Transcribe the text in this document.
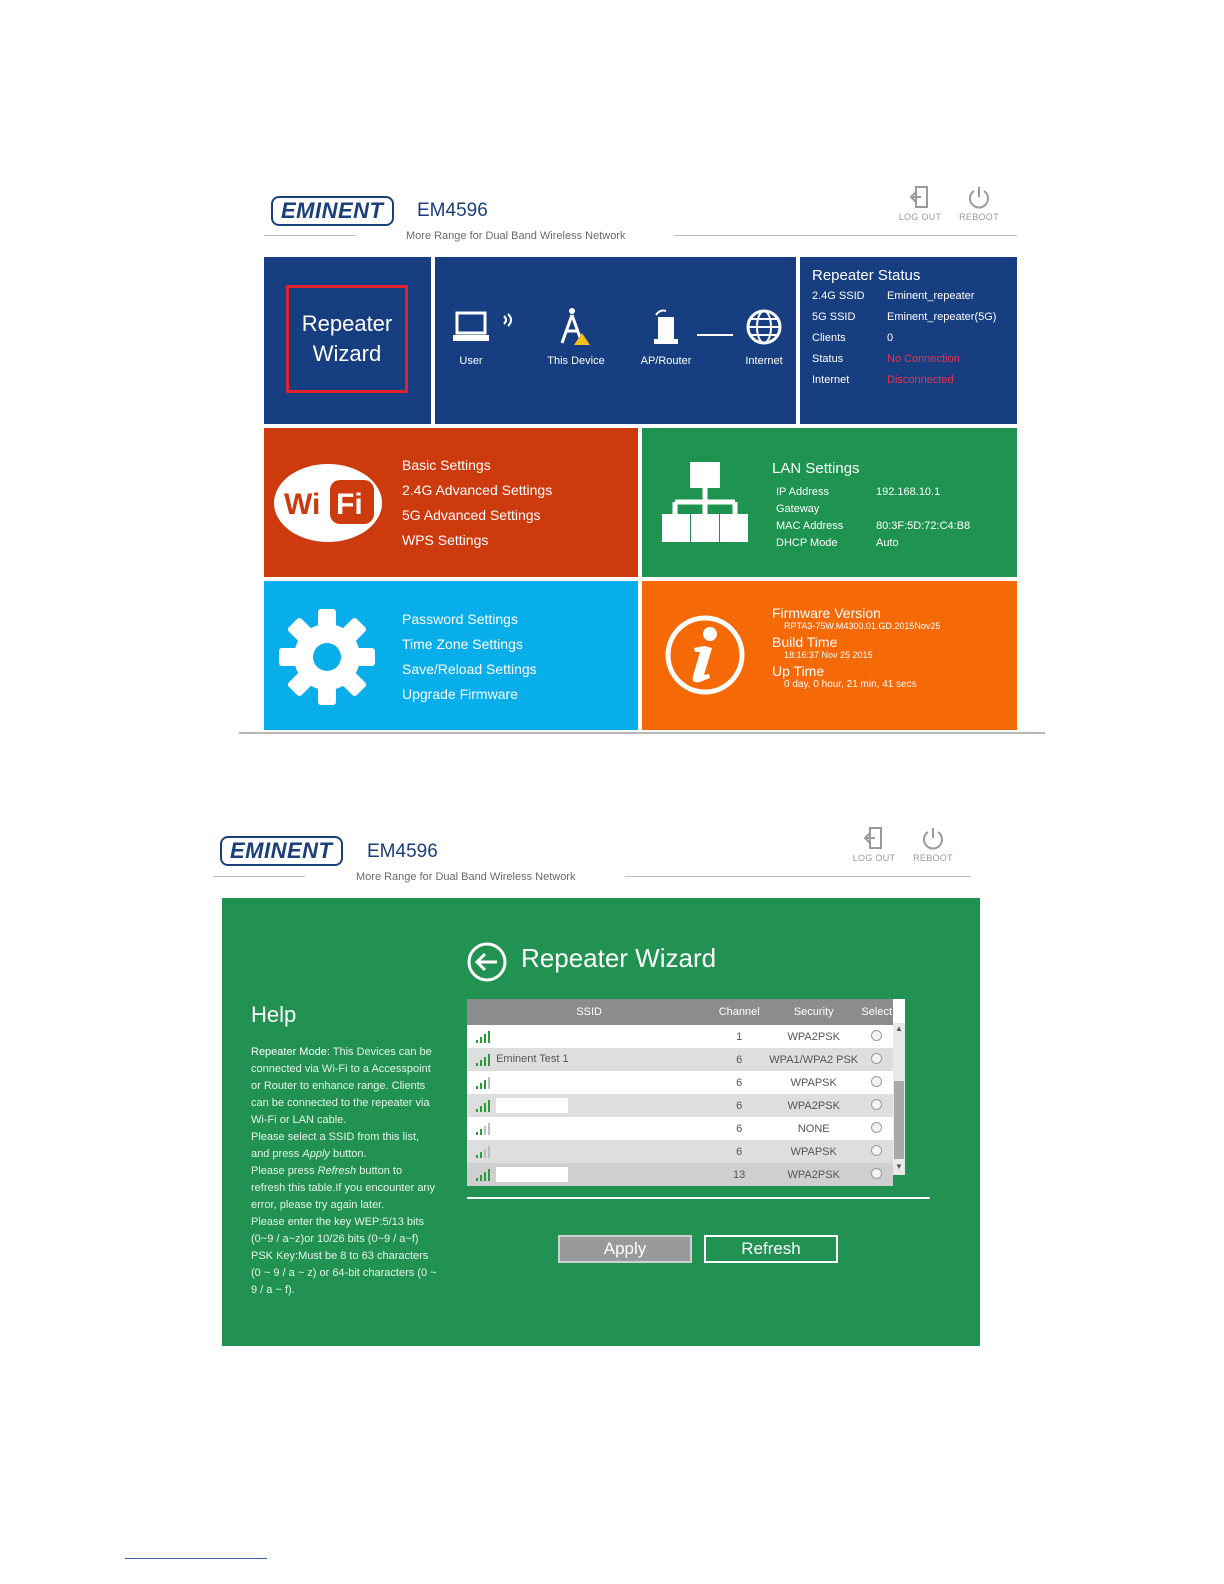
EMINENT	EM4596
More Range for Dual Band Wireless Network
LOG OUT	REBOOT
Repeater
Wizard	User	This Device	AP/Router	Internet
Repeater Status
2.4G SSID Eminent_repeater
5G SSID	Eminent_repeater(5G)
Clients	0
Status	No Connection
Internet	Disconnected
Wi Fi
Basic Settings
2.4G Advanced Settings
5G Advanced Settings
WPS Settings
LAN Settings
IP Address	192.168.10.1
Gateway
MAC Address	80:3F:5D:72:C4:B8
DHCP Mode	Auto
Password Settings
Time Zone Settings
Save/Reload Settings
Upgrade Firmware
Firmware Version
RPTA3-75W.M4300.01.GD.2015Nov25
Build Time
18:16:37 Nov 25 2015
Up Time
0 day, 0 hour, 21 min, 41 secs
EMINENT	EM4596
More Range for Dual Band Wireless Network
LOG OUT	REBOOT
Repeater Wizard
Help
Repeater Mode: This Devices can be connected via Wi-Fi to a Accesspoint or Router to enhance range. Clients can be connected to the repeater via Wi-Fi or LAN cable.
Please select a SSID from this list, and press Apply button.
Please press Refresh button to refresh this table.If you encounter any error, please try again later.
Please enter the key WEP:5/13 bits (0~9 / a~z)or 10/26 bits (0~9 / a~f) PSK Key:Must be 8 to 63 characters (0 ~ 9 / a ~ z) or 64-bit characters (0 ~ 9 / a ~ f).
SSID	Channel	Security	Select
	1	WPA2PSK	
Eminent Test 1	6	WPA1/WPA2 PSK	
	6	WPAPSK	
	6	WPA2PSK	
	6	NONE	
	6	WPAPSK	
	13	WPA2PSK	
▲
▼
Apply	Refresh
